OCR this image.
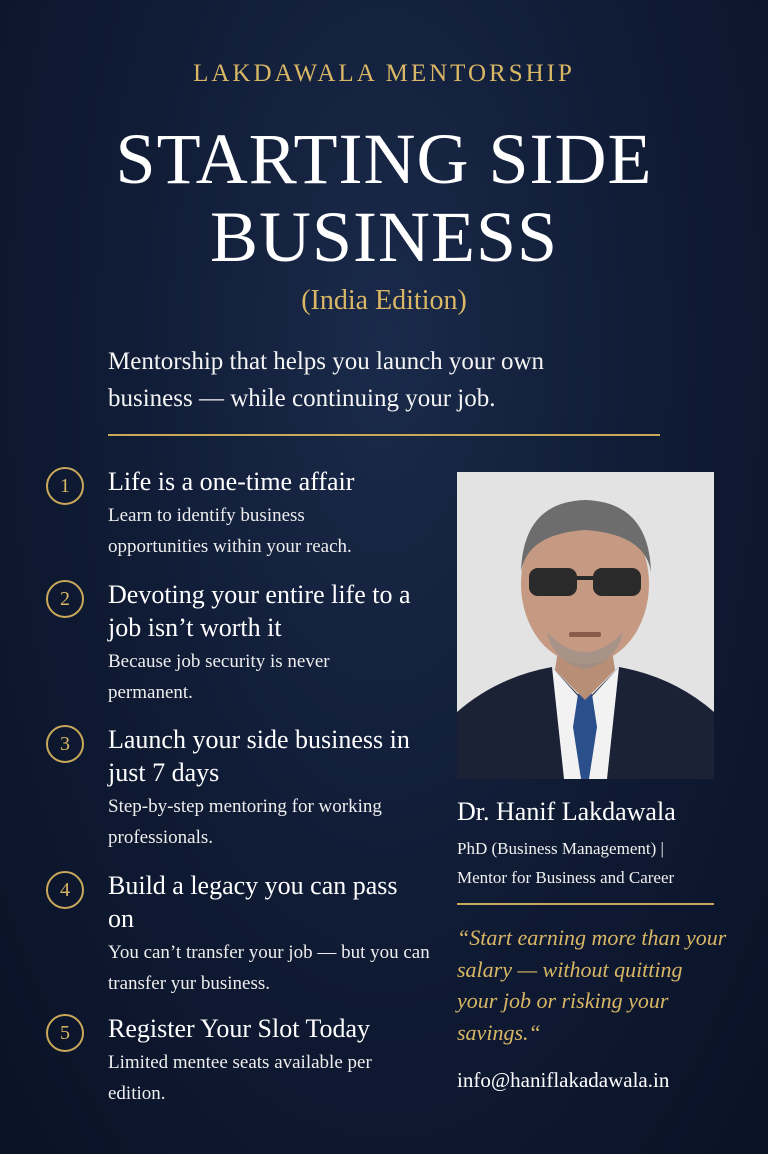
LAKDAWALA MENTORSHIP
STARTING SIDE
BUSINESS
(India Edition)
Mentorship that helps you launch your own
business — while continuing your job.
1	Life is a one-time affair
Learn to identify business opportunities within your reach.
2	Devoting your entire life to a job isn’t worth it
Because job security is never permanent.
3	Launch your side business in just 7 days
Step-by-step mentoring for working professionals.
4	Build a legacy you can pass on
You can’t transfer your job — but you can transfer yur business.
5	Register Your Slot Today
Limited mentee seats available per edition.
Dr. Hanif Lakdawala
PhD (Business Management) |
Mentor for Business and Career
“Start earning more than your salary — without quitting your job or risking your savings.“
info@haniflakadawala.in
